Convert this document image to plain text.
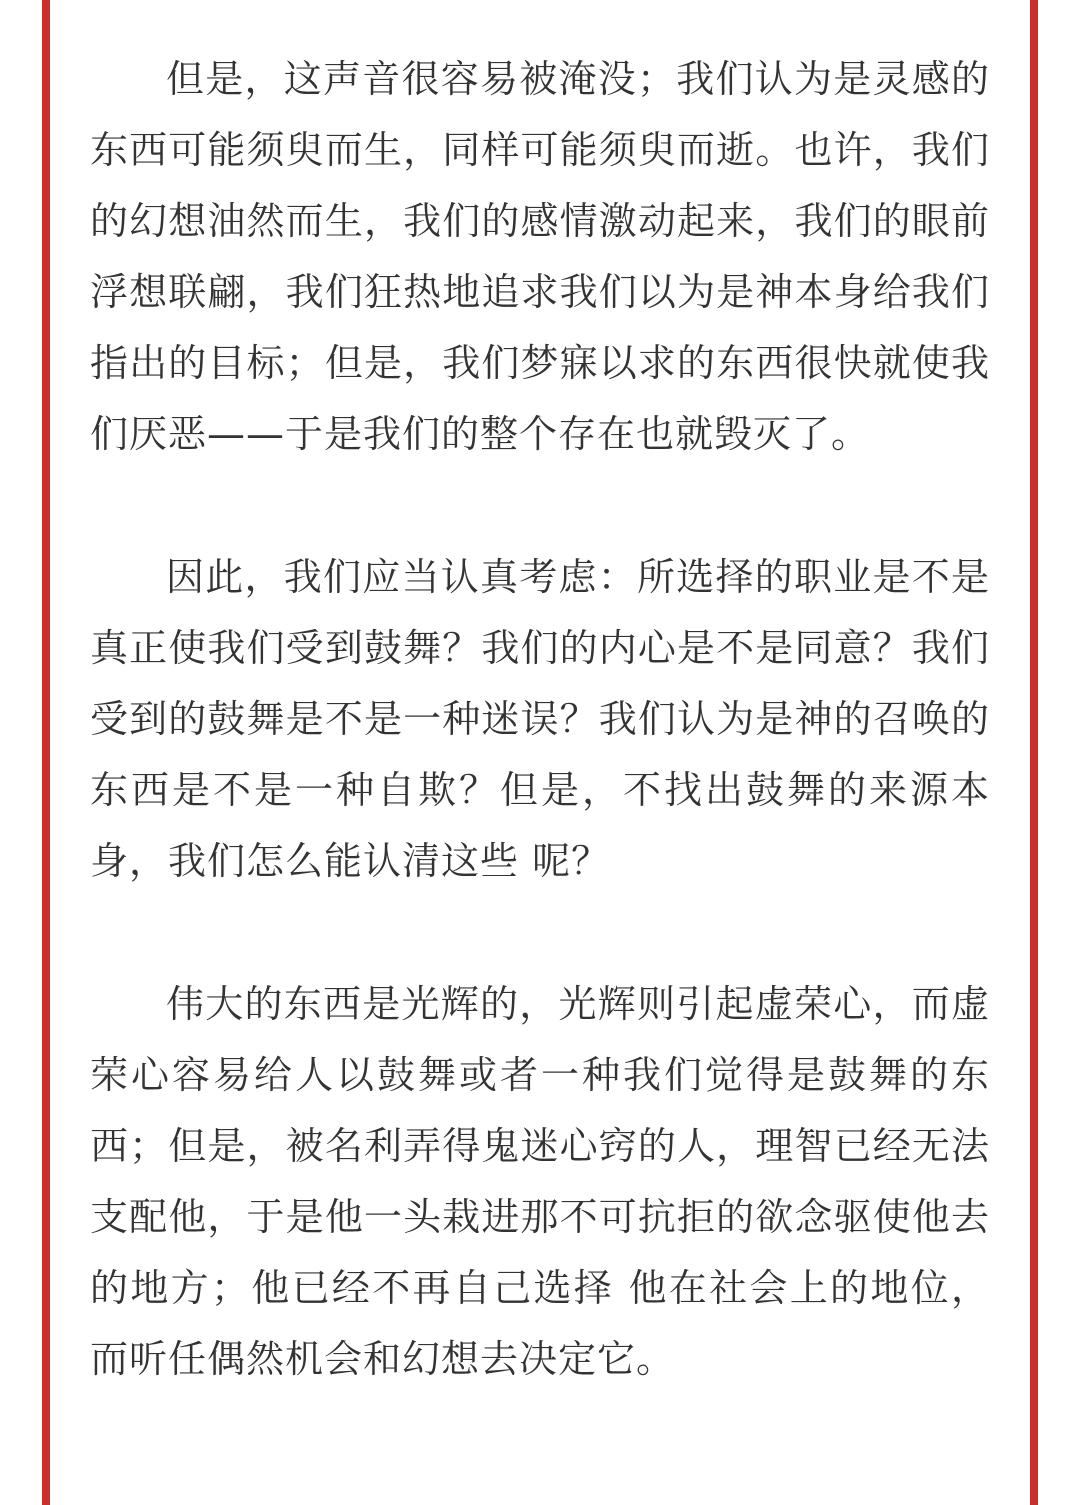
但是，这声音很容易被淹没；我们认为是灵感的东西可能须臾而生，同样可能须臾而逝。也许，我们的幻想油然而生，我们的感情激动起来，我们的眼前浮想联翩，我们狂热地追求我们以为是神本身给我们指出的目标；但是，我们梦寐以求的东西很快就使我们厌恶——于是我们的整个存在也就毁灭了。

因此，我们应当认真考虑：所选择的职业是不是真正使我们受到鼓舞？我们的内心是不是同意？我们受到的鼓舞是不是一种迷误？我们认为是神的召唤的东西是不是一种自欺？但是，不找出鼓舞的来源本身，我们怎么能认清这些 呢？

伟大的东西是光辉的，光辉则引起虚荣心，而虚荣心容易给人以鼓舞或者一种我们觉得是鼓舞的东西；但是，被名利弄得鬼迷心窍的人，理智已经无法支配他，于是他一头栽进那不可抗拒的欲念驱使他去的地方；他已经不再自己选择 他在社会上的地位，而听任偶然机会和幻想去决定它。
